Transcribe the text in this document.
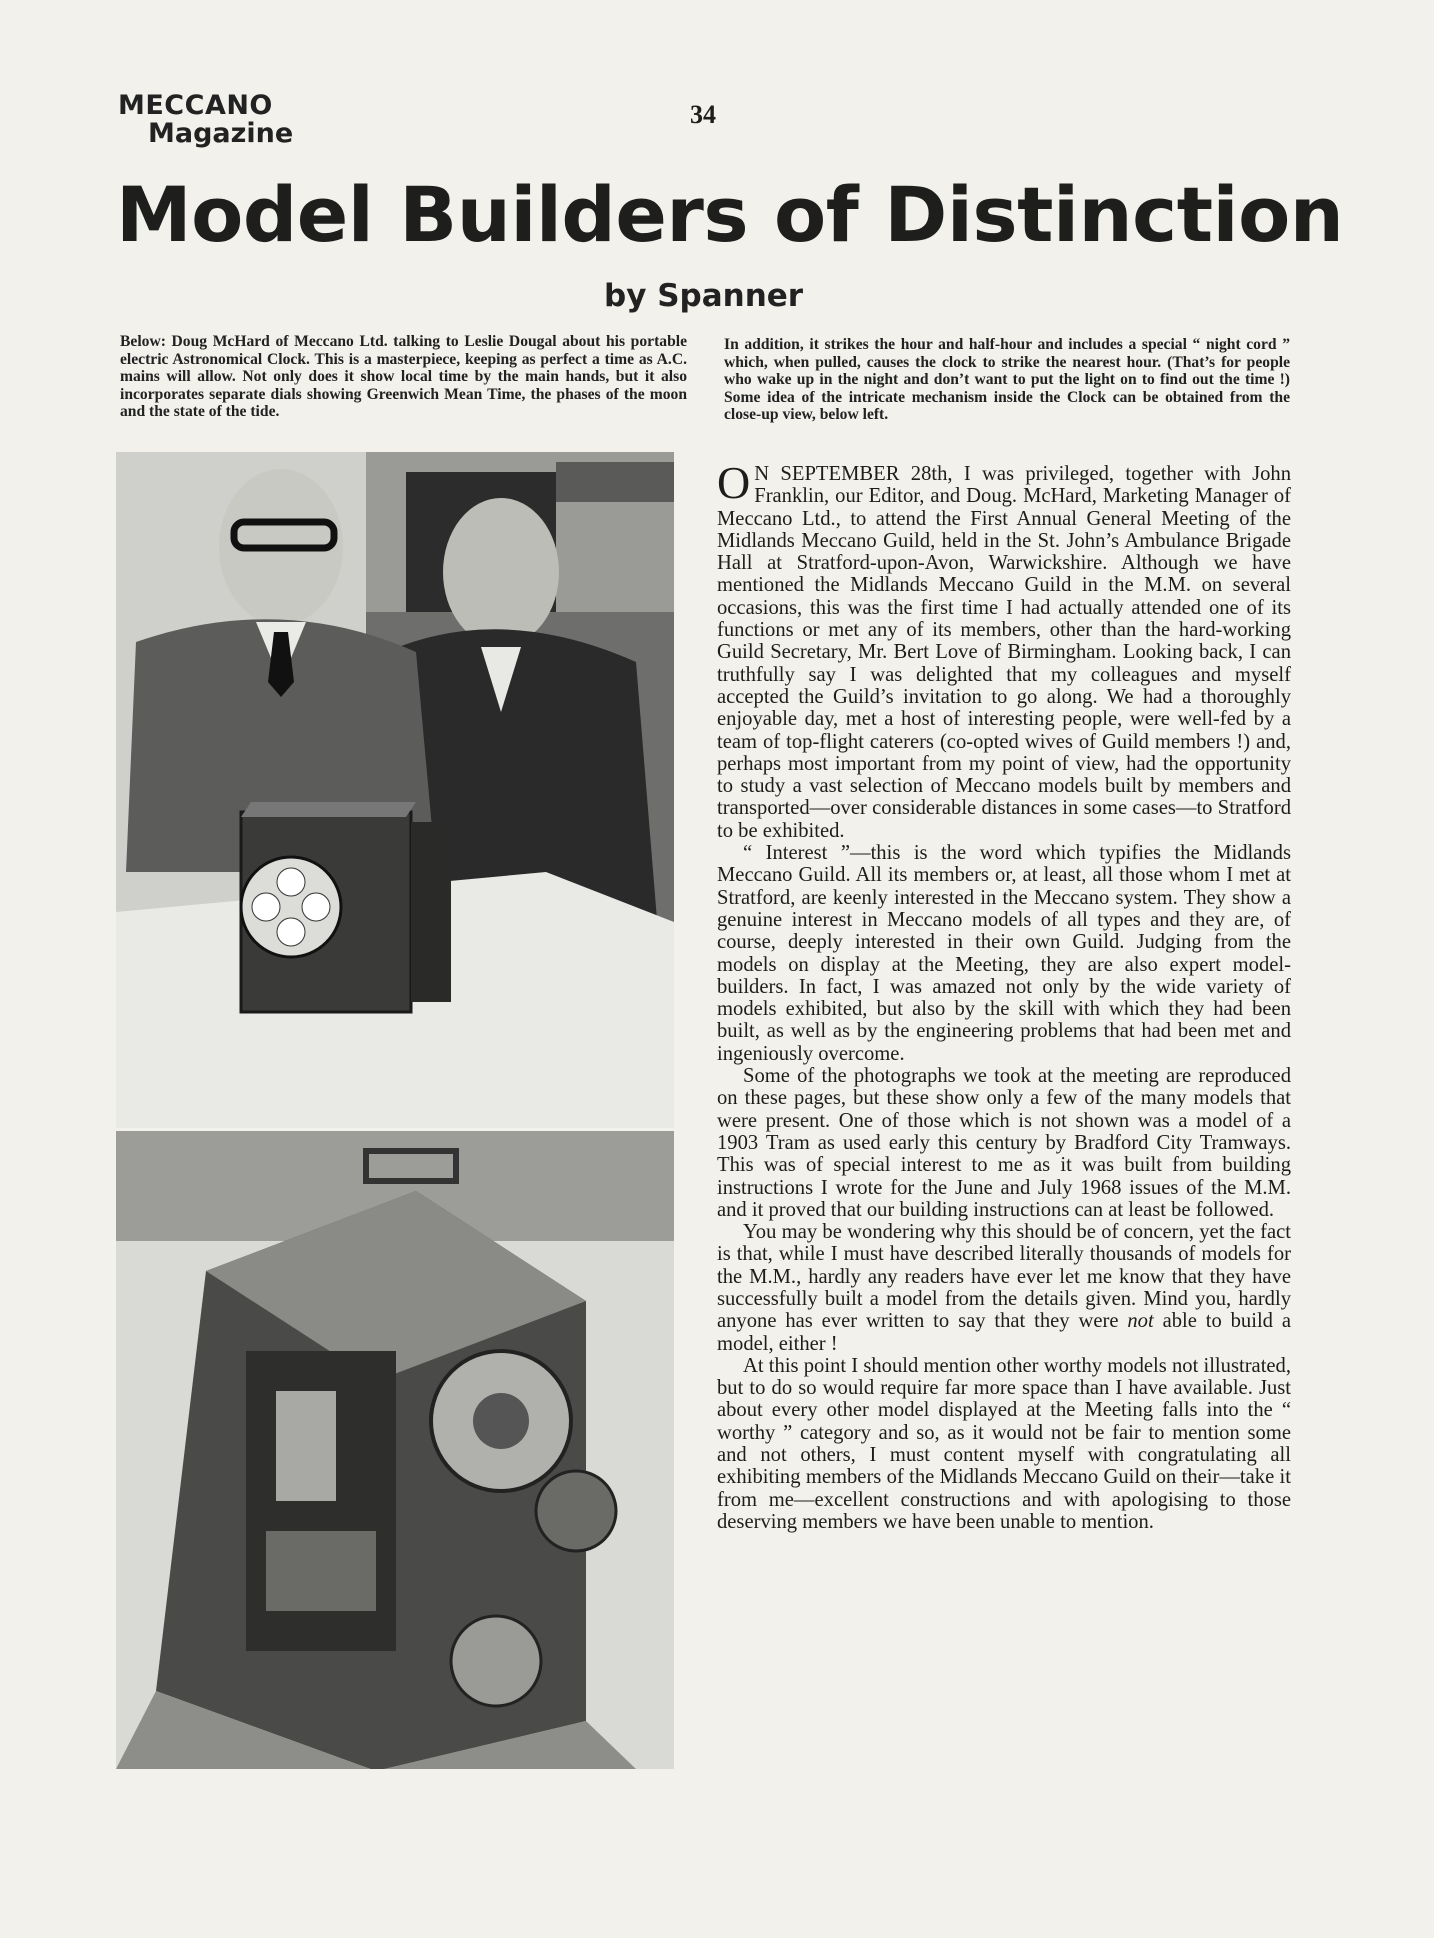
MECCANO
Magazine
34
Model Builders of Distinction
by Spanner
Below: Doug McHard of Meccano Ltd. talking to Leslie Dougal about his portable electric Astronomical Clock. This is a masterpiece, keeping as perfect a time as A.C. mains will allow. Not only does it show local time by the main hands, but it also incorporates separate dials showing Greenwich Mean Time, the phases of the moon and the state of the tide.
In addition, it strikes the hour and half-hour and includes a special “ night cord ” which, when pulled, causes the clock to strike the nearest hour. (That’s for people who wake up in the night and don’t want to put the light on to find out the time !) Some idea of the intricate mechanism inside the Clock can be obtained from the close-up view, below left.

O N SEPTEMBER 28th, I was privileged, together with John Franklin, our Editor, and Doug. McHard, Marketing Manager of Meccano Ltd., to attend the First Annual General Meeting of the Midlands Meccano Guild, held in the St. John’s Ambulance Brigade Hall at Stratford-upon-Avon, Warwickshire. Although we have mentioned the Midlands Meccano Guild in the M.M. on several occasions, this was the first time I had actually attended one of its functions or met any of its members, other than the hard-working Guild Secretary, Mr. Bert Love of Birmingham. Looking back, I can truthfully say I was delighted that my colleagues and myself accepted the Guild’s invitation to go along. We had a thoroughly enjoyable day, met a host of interesting people, were well-fed by a team of top-flight caterers (co-opted wives of Guild members !) and, perhaps most important from my point of view, had the opportunity to study a vast selection of Meccano models built by members and transported—over considerable distances in some cases—to Stratford to be exhibited.

“ Interest ”—this is the word which typifies the Midlands Meccano Guild. All its members or, at least, all those whom I met at Stratford, are keenly interested in the Meccano system. They show a genuine interest in Meccano models of all types and they are, of course, deeply interested in their own Guild. Judging from the models on display at the Meeting, they are also expert model-builders. In fact, I was amazed not only by the wide variety of models exhibited, but also by the skill with which they had been built, as well as by the engineering problems that had been met and ingeniously overcome.

Some of the photographs we took at the meeting are reproduced on these pages, but these show only a few of the many models that were present. One of those which is not shown was a model of a 1903 Tram as used early this century by Bradford City Tramways. This was of special interest to me as it was built from building instructions I wrote for the June and July 1968 issues of the M.M. and it proved that our building instructions can at least be followed.

You may be wondering why this should be of concern, yet the fact is that, while I must have described literally thousands of models for the M.M., hardly any readers have ever let me know that they have successfully built a model from the details given. Mind you, hardly anyone has ever written to say that they were not able to build a model, either !

At this point I should mention other worthy models not illustrated, but to do so would require far more space than I have available. Just about every other model displayed at the Meeting falls into the “ worthy ” category and so, as it would not be fair to mention some and not others, I must content myself with congratulating all exhibiting members of the Midlands Meccano Guild on their—take it from me—excellent constructions and with apologising to those deserving members we have been unable to mention.
